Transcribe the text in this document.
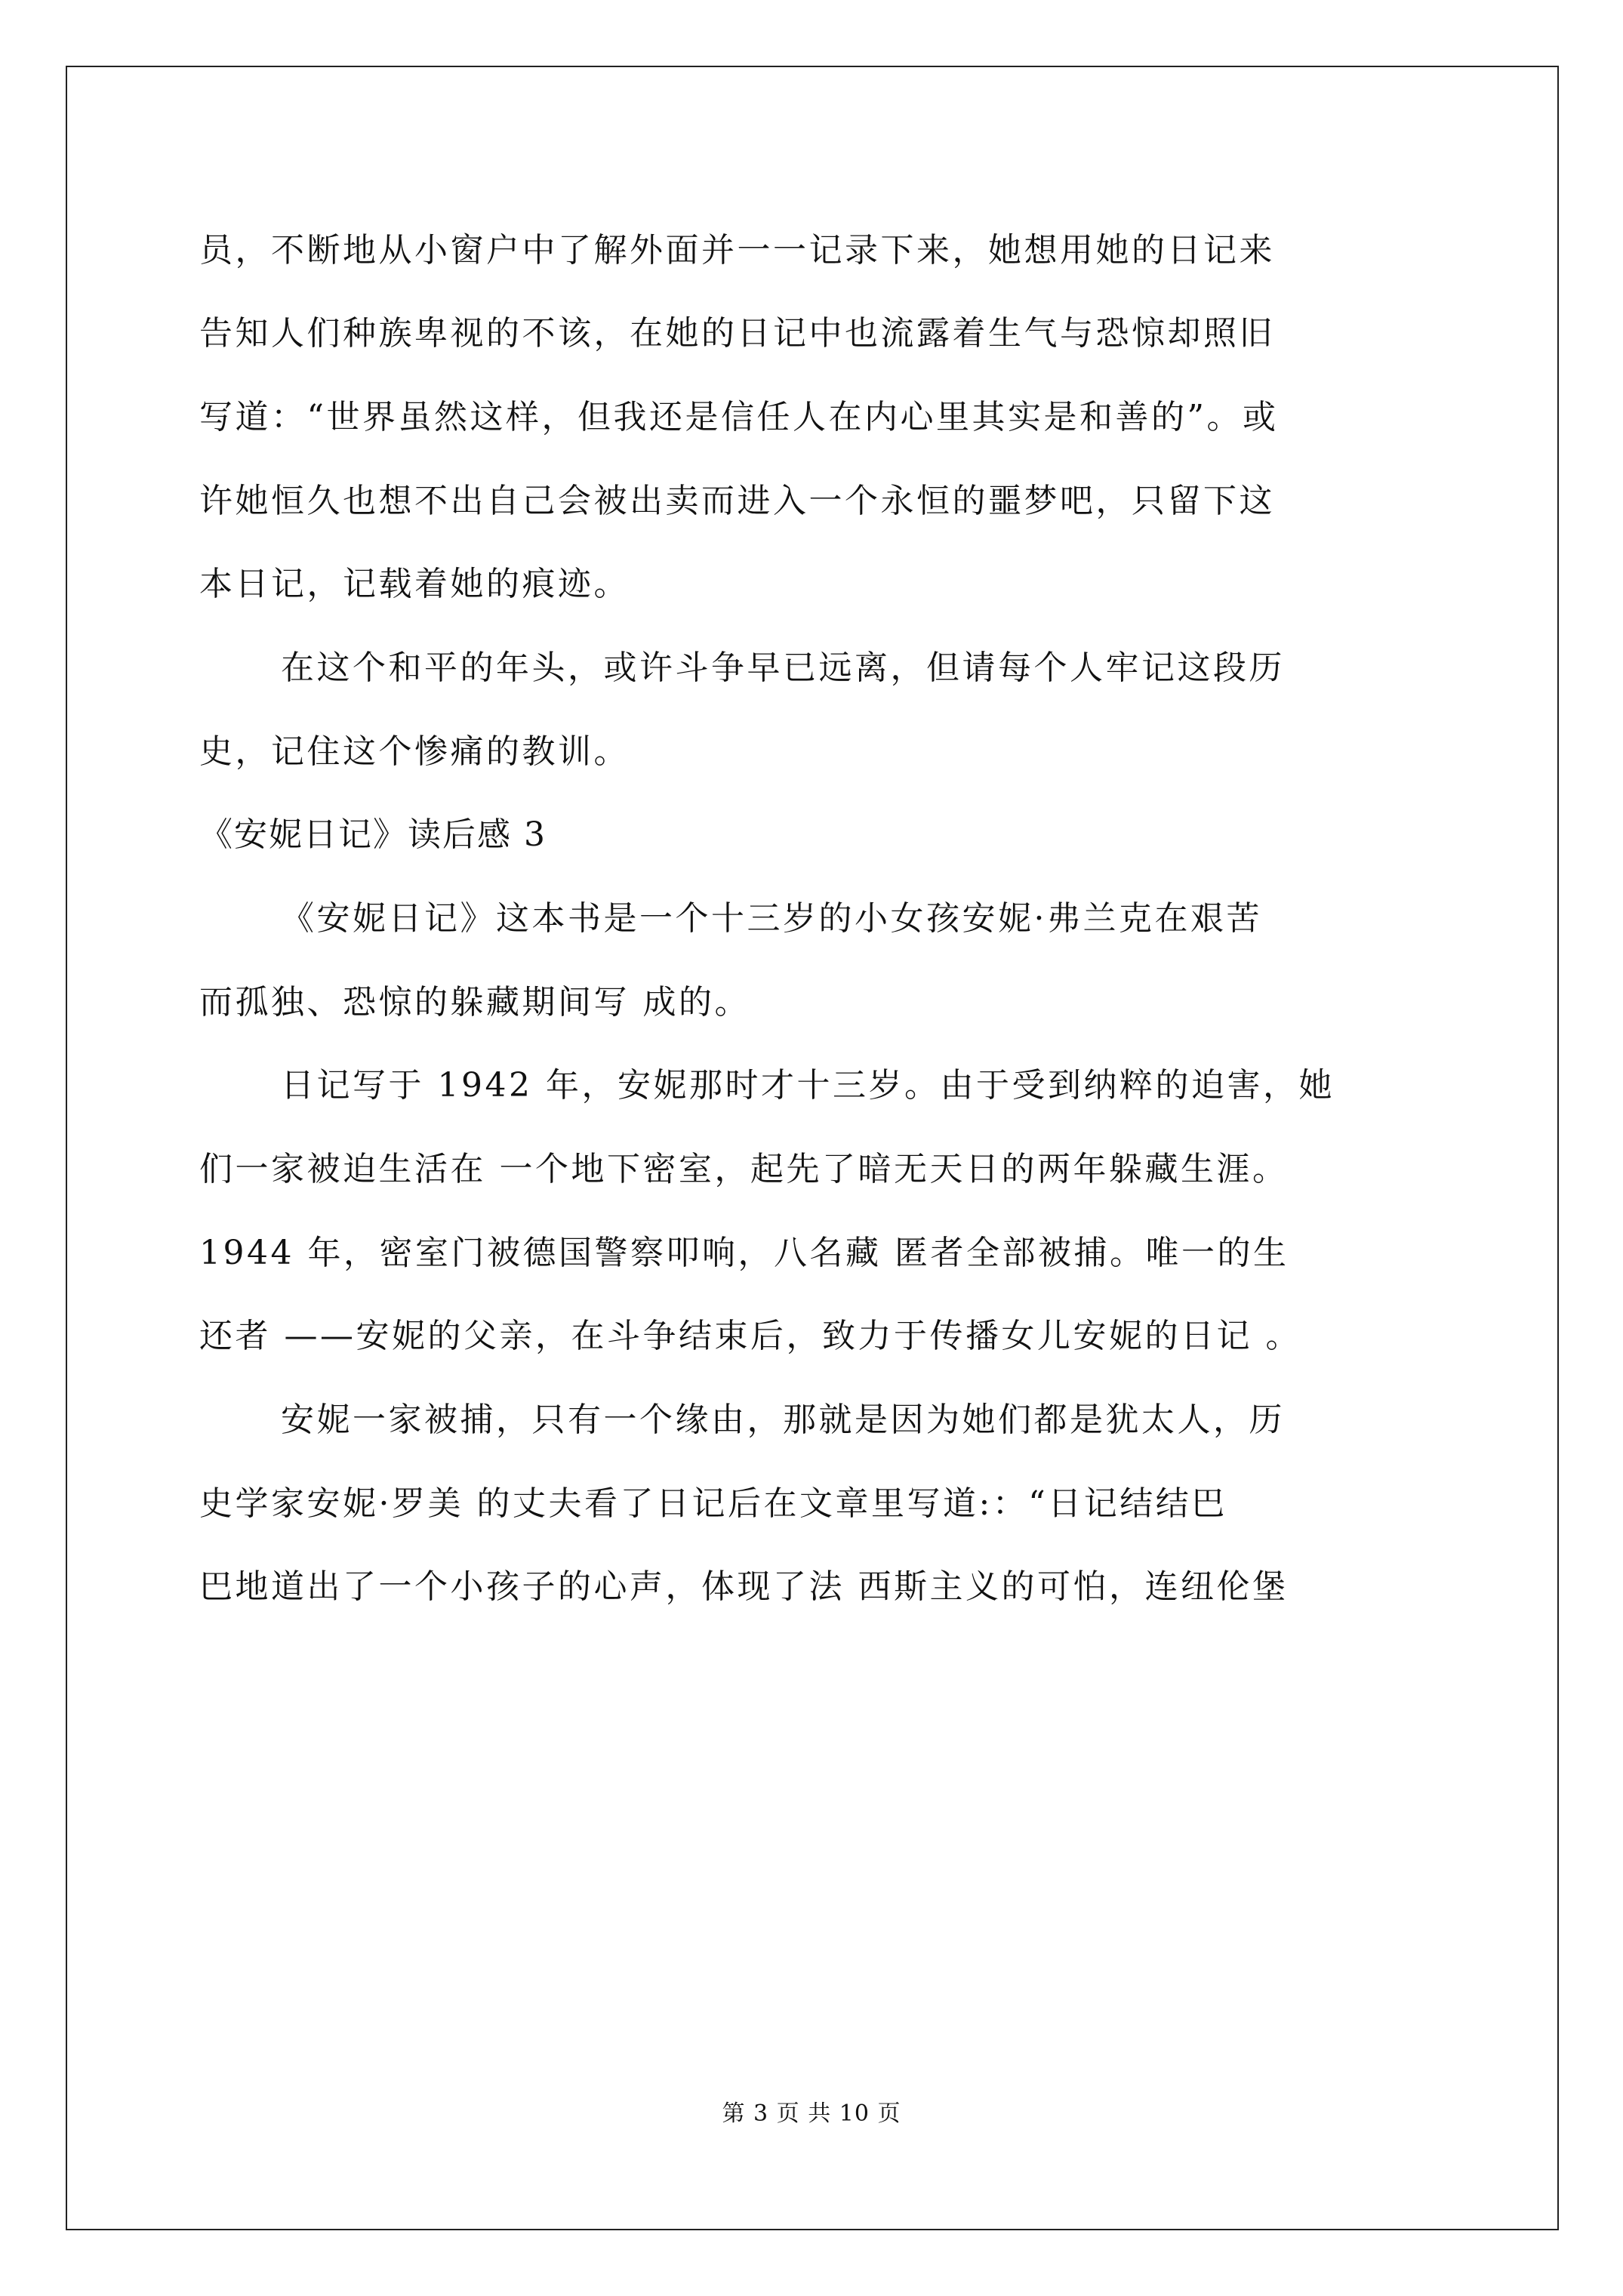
员，不断地从小窗户中了解外面并一一记录下来，她想用她的日记来
告知人们种族卑视的不该，在她的日记中也流露着生气与恐惊却照旧
写道：“世界虽然这样，但我还是信任人在内心里其实是和善的”。或
许她恒久也想不出自己会被出卖而进入一个永恒的噩梦吧，只留下这
本日记，记载着她的痕迹。
在这个和平的年头，或许斗争早已远离，但请每个人牢记这段历
史，记住这个惨痛的教训。
《安妮日记》读后感 3
《安妮日记》这本书是一个十三岁的小女孩安妮·弗兰克在艰苦
而孤独、恐惊的躲藏期间写 成的。
日记写于 1942 年，安妮那时才十三岁。由于受到纳粹的迫害，她
们一家被迫生活在 一个地下密室，起先了暗无天日的两年躲藏生涯。
1944 年，密室门被德国警察叩响，八名藏 匿者全部被捕。唯一的生
还者 ——安妮的父亲，在斗争结束后，致力于传播女儿安妮的日记 。
安妮一家被捕，只有一个缘由，那就是因为她们都是犹太人，历
史学家安妮·罗美 的丈夫看了日记后在文章里写道:：“日记结结巴
巴地道出了一个小孩子的心声，体现了法 西斯主义的可怕，连纽伦堡
第 3 页 共 10 页
